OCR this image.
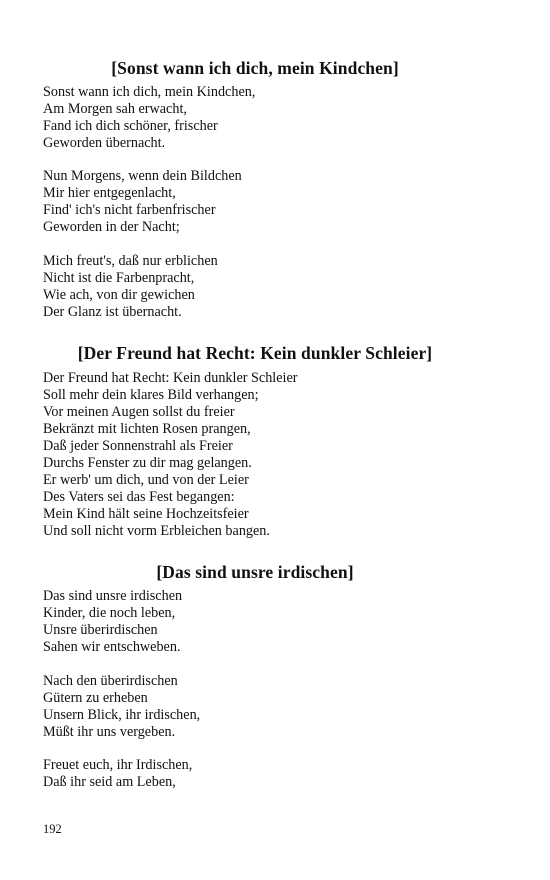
[Sonst wann ich dich, mein Kindchen]
Sonst wann ich dich, mein Kindchen,
Am Morgen sah erwacht,
Fand ich dich schöner, frischer
Geworden übernacht.
Nun Morgens, wenn dein Bildchen
Mir hier entgegenlacht,
Find' ich's nicht farbenfrischer
Geworden in der Nacht;
Mich freut's, daß nur erblichen
Nicht ist die Farbenpracht,
Wie ach, von dir gewichen
Der Glanz ist übernacht.
[Der Freund hat Recht: Kein dunkler Schleier]
Der Freund hat Recht: Kein dunkler Schleier
Soll mehr dein klares Bild verhangen;
Vor meinen Augen sollst du freier
Bekränzt mit lichten Rosen prangen,
Daß jeder Sonnenstrahl als Freier
Durchs Fenster zu dir mag gelangen.
Er werb' um dich, und von der Leier
Des Vaters sei das Fest begangen:
Mein Kind hält seine Hochzeitsfeier
Und soll nicht vorm Erbleichen bangen.
[Das sind unsre irdischen]
Das sind unsre irdischen
Kinder, die noch leben,
Unsre überirdischen
Sahen wir entschweben.
Nach den überirdischen
Gütern zu erheben
Unsern Blick, ihr irdischen,
Müßt ihr uns vergeben.
Freuet euch, ihr Irdischen,
Daß ihr seid am Leben,
192
